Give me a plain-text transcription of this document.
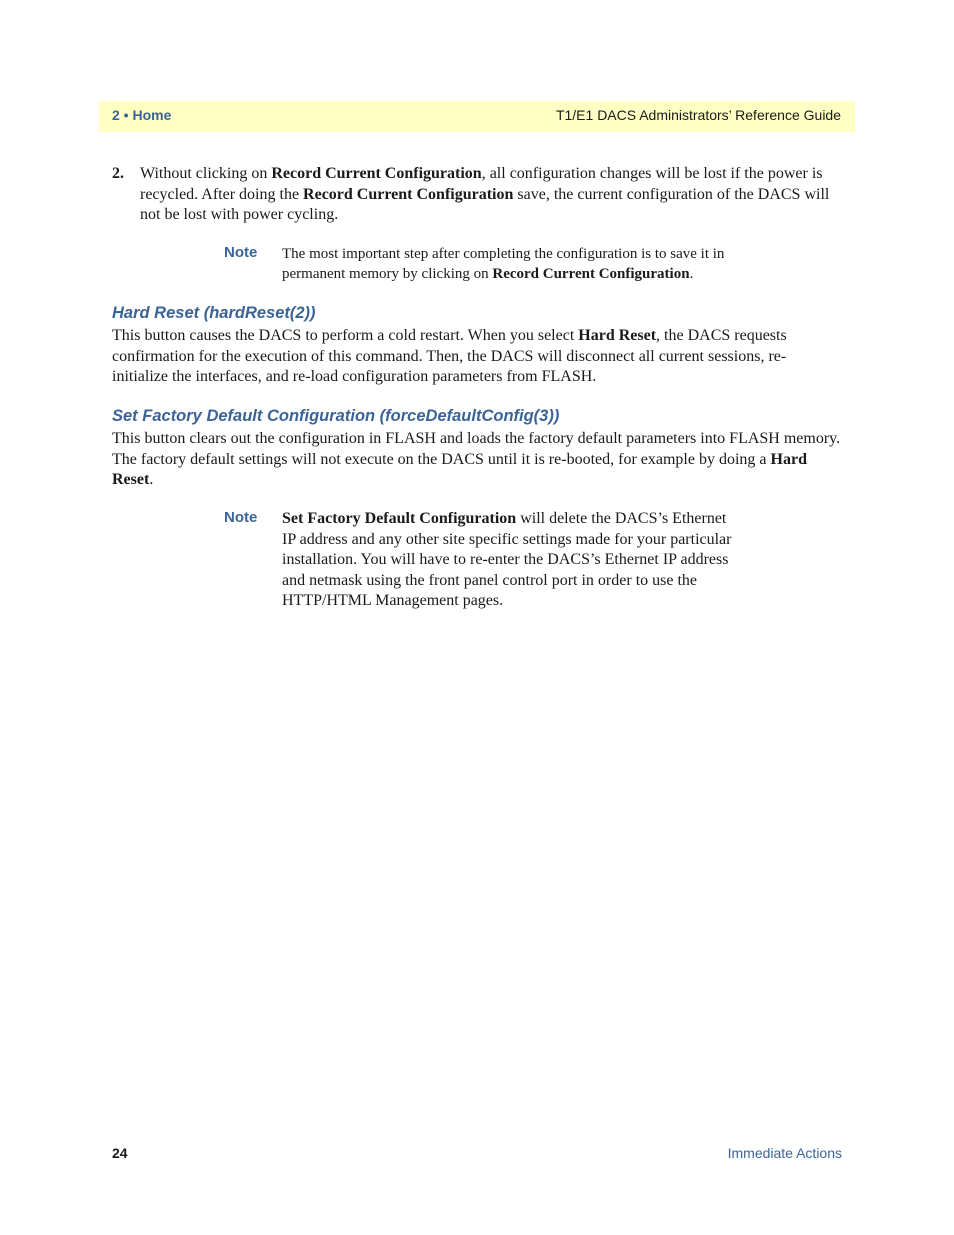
2 • Home	T1/E1 DACS Administrators’ Reference Guide
2. Without clicking on Record Current Configuration, all configuration changes will be lost if the power is recycled. After doing the Record Current Configuration save, the current configuration of the DACS will not be lost with power cycling.
Note The most important step after completing the configuration is to save it in permanent memory by clicking on Record Current Configuration.
Hard Reset (hardReset(2))
This button causes the DACS to perform a cold restart. When you select Hard Reset, the DACS requests confirmation for the execution of this command. Then, the DACS will disconnect all current sessions, re-initialize the interfaces, and re-load configuration parameters from FLASH.
Set Factory Default Configuration (forceDefaultConfig(3))
This button clears out the configuration in FLASH and loads the factory default parameters into FLASH memory. The factory default settings will not execute on the DACS until it is re-booted, for example by doing a Hard Reset.
Note Set Factory Default Configuration will delete the DACS’s Ethernet IP address and any other site specific settings made for your particular installation. You will have to re-enter the DACS’s Ethernet IP address and netmask using the front panel control port in order to use the HTTP/HTML Management pages.
24	Immediate Actions
